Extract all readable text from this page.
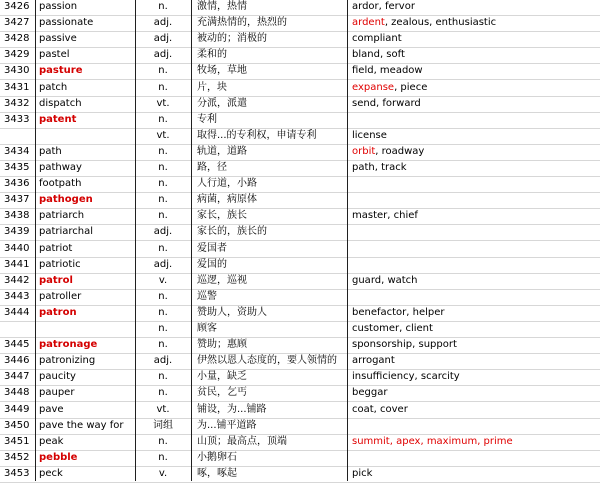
3453 peck	v.	啄，啄起	pick
3452 pebble	n.	小鹅卵石
3451 peak	n.	山顶；最高点，顶端	summit, apex, maximum, prime
3450 pave the way for	词组	为...铺平道路
3449 pave	vt.	铺设，为...铺路	coat, cover
3448 pauper	n.	贫民，乞丐	beggar
3447 paucity	n.	小量，缺乏	insufficiency, scarcity
3446 patronizing	adj.	伊然以恩人态度的，要人领情的	arrogant
3445 patronage	n.	赞助；惠顾	sponsorship, support
n.	顾客	customer, client
3444 patron	n.	赞助人，资助人	benefactor, helper
3443 patroller	n.	巡警
3442 patrol	v.	巡逻，巡视	guard, watch
3441 patriotic	adj.	爱国的
3440 patriot	n.	爱国者
3439 patriarchal	adj.	家长的，族长的
3438 patriarch	n.	家长，族长	master, chief
3437 pathogen	n.	病菌，病原体
3436 footpath	n.	人行道，小路
3435 pathway	n.	路，径	path, track
3434 path	n.	轨道，道路	orbit, roadway
vt.	取得...的专利权，申请专利	license
3433 patent	n.	专利
3432 dispatch	vt.	分派，派遣	send, forward
3431 patch	n.	片，块	expanse, piece
3430 pasture	n.	牧场，草地	field, meadow
3429 pastel	adj.	柔和的	bland, soft
3428 passive	adj.	被动的；消极的	compliant
3427 passionate	adj.	充满热情的，热烈的	ardent, zealous, enthusiastic
3426 passion	n.	激情，热情	ardor, fervor
